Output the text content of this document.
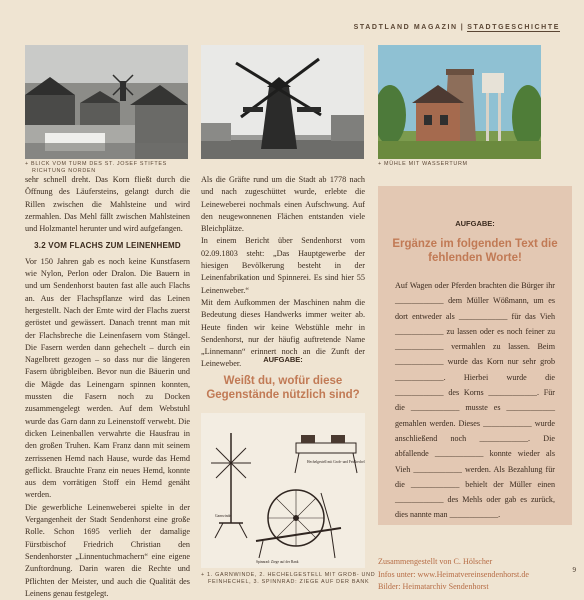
STADTLAND MAGAZIN | STADTGESCHICHTE
+ BLICK VOM TURM DES ST. JOSEF STIFTES
RICHTUNG NORDEN
+ MÜHLE MIT WASSERTURM

sehr schnell dreht. Das Korn fließt durch die Öffnung des Läufersteins, gelangt durch die Rillen zwischen die Mahlsteine und wird zermahlen. Das Mehl fällt zwischen Mahlsteinen und Holzmantel herunter und wird aufgefangen.

3.2 VOM FLACHS ZUM LEINENHEMD

Vor 150 Jahren gab es noch keine Kunstfasern wie Nylon, Perlon oder Dralon. Die Bauern in und um Sendenhorst bauten fast alle auch Flachs an. Aus der Flachspflanze wird das Leinen hergestellt. Nach der Ernte wird der Flachs zuerst geröstet und gewässert. Danach trennt man mit der Flachsbreche die Leinenfasern vom Stängel. Die Fasern werden dann gehechelt – durch ein Nagelbrett gezogen – so dass nur die längeren Fasern übrigbleiben. Bevor nun die Bäuerin und die Mägde das Leinengarn spinnen konnten, mussten die Fasern noch zu Docken zusammengelegt werden. Auf dem Webstuhl wurde das Garn dann zu Leinenstoff verwebt. Die dicken Leinenballen verwahrte die Hausfrau in den großen Truhen. Kam Franz dann mit seinem zerrissenen Hemd nach Hause, wurde das Hemd geflickt. Brauchte Franz ein neues Hemd, konnte aus dem vorrätigen Stoff ein Hemd genäht werden.

Die gewerbliche Leinenweberei spielte in der Vergangenheit der Stadt Sendenhorst eine große Rolle. Schon 1695 verlieh der damalige Fürstbischof Friedrich Christian den Sendenhorster „Linnentuchmachern“ eine eigene Zunftordnung. Darin waren die Rechte und Pflichten der Meister, und auch die Qualität des Leinens genau festgelegt.

Als die Gräfte rund um die Stadt ab 1778 nach und nach zugeschüttet wurde, erlebte die Leineweberei nochmals einen Aufschwung. Auf den neugewonnenen Flächen entstanden viele Bleichplätze.

In einem Bericht über Sendenhorst vom 02.09.1803 steht: „Das Hauptgewerbe der hiesigen Bevölkerung besteht in der Leinenfabrikation und Spinnerei. Es sind hier 55 Leinenweber.“

Mit dem Aufkommen der Maschinen nahm die Bedeutung dieses Handwerks immer weiter ab. Heute finden wir keine Webstühle mehr in Sendenhorst, nur der häufig auftretende Name „Linnemann“ erinnert noch an die Zunft der Leineweber.	AUFGABE:
Weißt du, wofür diese Gegenstände nützlich sind?
Hechelgestell mit Grob- und Feinhechel
Garnwinde
Spinnrad: Ziege auf der Bank
+ 1. GARNWINDE, 2. HECHELGESTELL MIT GROB- UND
FEINHECHEL, 3. SPINNRAD: ZIEGE AUF DER BANK
AUFGABE:
Ergänze im folgenden Text die fehlenden Worte!
Auf Wagen oder Pferden brachten die Bürger ihr ____________ dem Müller Wößmann, um es dort entweder als ____________ für das Vieh ____________ zu lassen oder es noch feiner zu ____________ vermahlen zu lassen. Beim ____________ wurde das Korn nur sehr grob ____________. Hierbei wurde die ____________ des Korns ____________. Für die ____________ musste es ____________ gemahlen werden. Dieses ____________ wurde anschließend noch ____________. Die abfallende ____________ konnte wieder als Vieh ____________ werden. Als Bezahlung für die ____________ behielt der Müller einen ____________ des Mehls oder gab es zurück, dies nannte man ____________.
Zusammengestellt von C. Hölscher
Infos unter: www.Heimatvereinsendenhorst.de
Bilder: Heimatarchiv Sendenhorst
9
